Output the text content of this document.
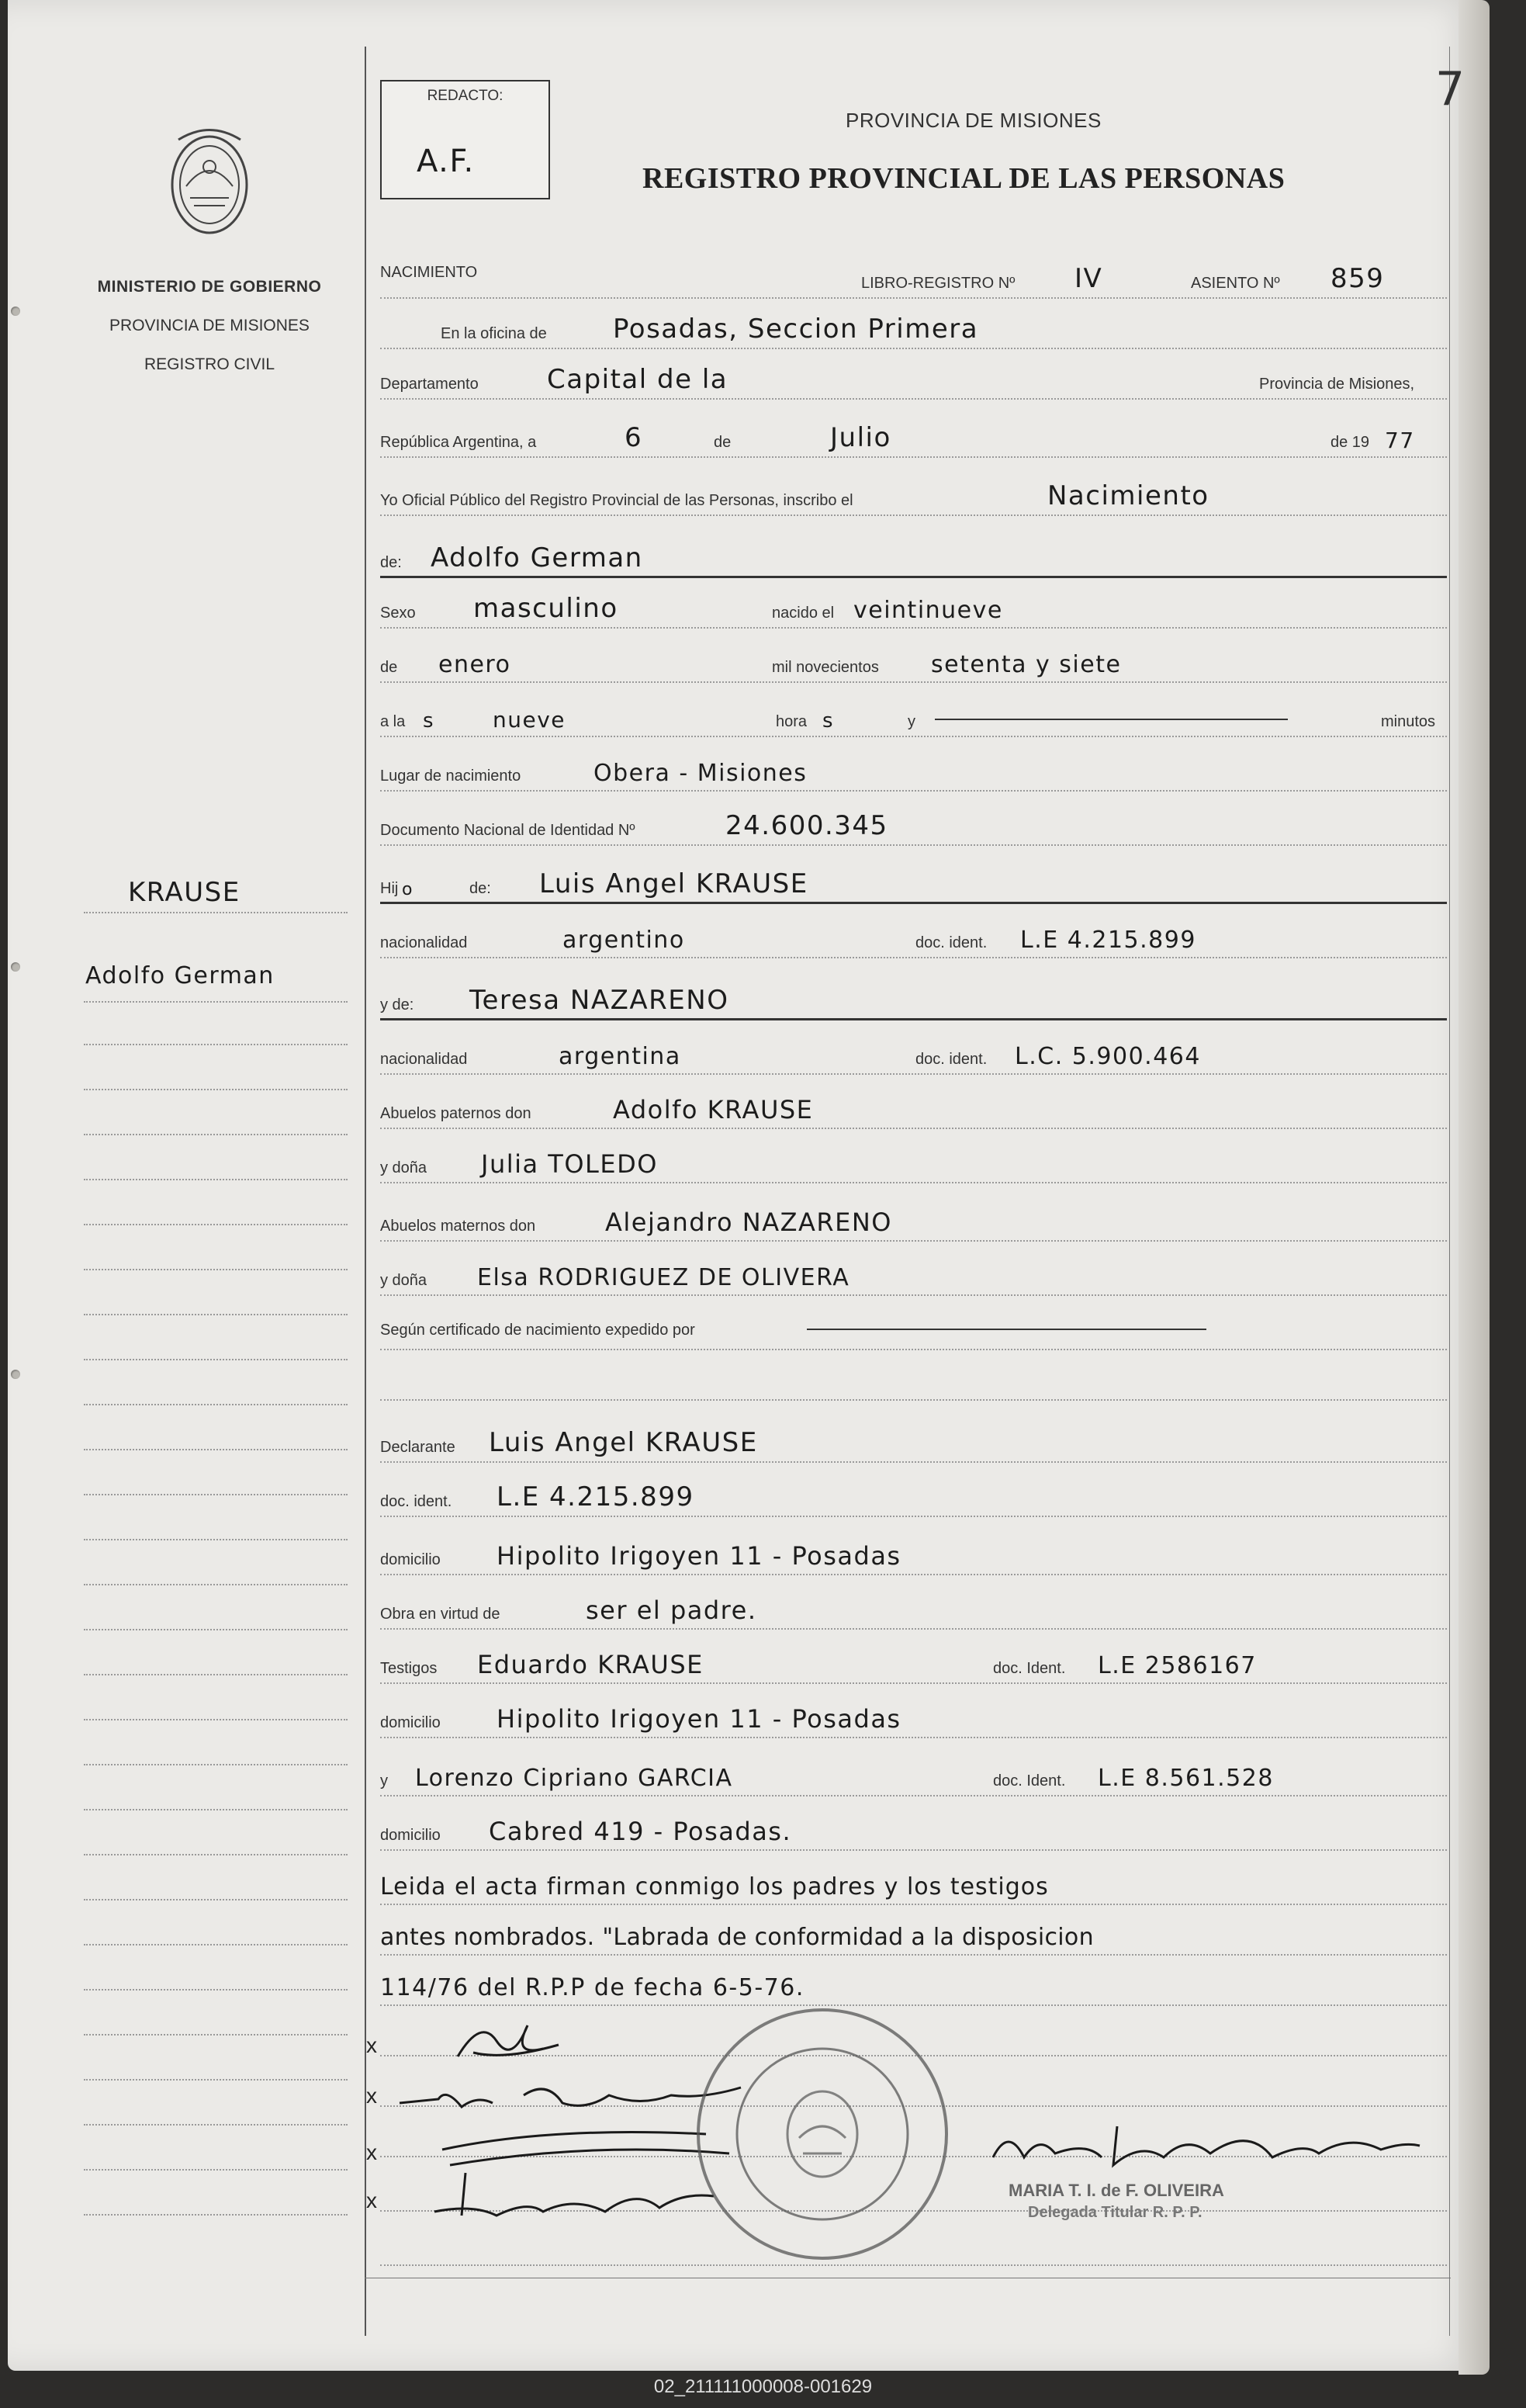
MINISTERIO DE GOBIERNO
PROVINCIA DE MISIONES
REGISTRO CIVIL
KRAUSE
Adolfo German
REDACTO:
A.F.
PROVINCIA DE MISIONES
REGISTRO PROVINCIAL DE LAS PERSONAS
7
NACIMIENTO
LIBRO-REGISTRO Nº IV	ASIENTO Nº 859
En la oficina de	Posadas, Seccion Primera
Departamento	Capital de la	Provincia de Misiones,
República Argentina, a	6	de	Julio	de 19 77
Yo Oficial Público del Registro Provincial de las Personas, inscribo el	Nacimiento
de: Adolfo German
Sexo masculino	nacido el veintinueve
de enero	mil novecientos setenta y siete
a la s	nueve	hora s	y	minutos
Lugar de nacimiento	Obera - Misiones
Documento Nacional de Identidad Nº	24.600.345
Hij o	de: Luis Angel KRAUSE
nacionalidad	argentino	doc. ident. L.E 4.215.899
y de: Teresa NAZARENO
nacionalidad	argentina	doc. ident. L.C. 5.900.464
Abuelos paternos don	Adolfo KRAUSE
y doña Julia TOLEDO
Abuelos maternos don	Alejandro NAZARENO
y doña Elsa RODRIGUEZ DE OLIVERA
Según certificado de nacimiento expedido por
Declarante Luis Angel KRAUSE
doc. ident. L.E 4.215.899
domicilio Hipolito Irigoyen 11 - Posadas
Obra en virtud de	ser el padre.
Testigos Eduardo KRAUSE	doc. Ident. L.E 2586167
domicilio Hipolito Irigoyen 11 - Posadas
y Lorenzo Cipriano GARCIA	doc. Ident. L.E 8.561.528
domicilio Cabred 419 - Posadas.
Leida el acta firman conmigo los padres y los testigos
antes nombrados. "Labrada de conformidad a la disposicion
114/76 del R.P.P de fecha 6-5-76.
x
x
x
x	MARIA T. I. de F. OLIVEIRA
Delegada Titular R. P. P.
02_211111000008-001629
